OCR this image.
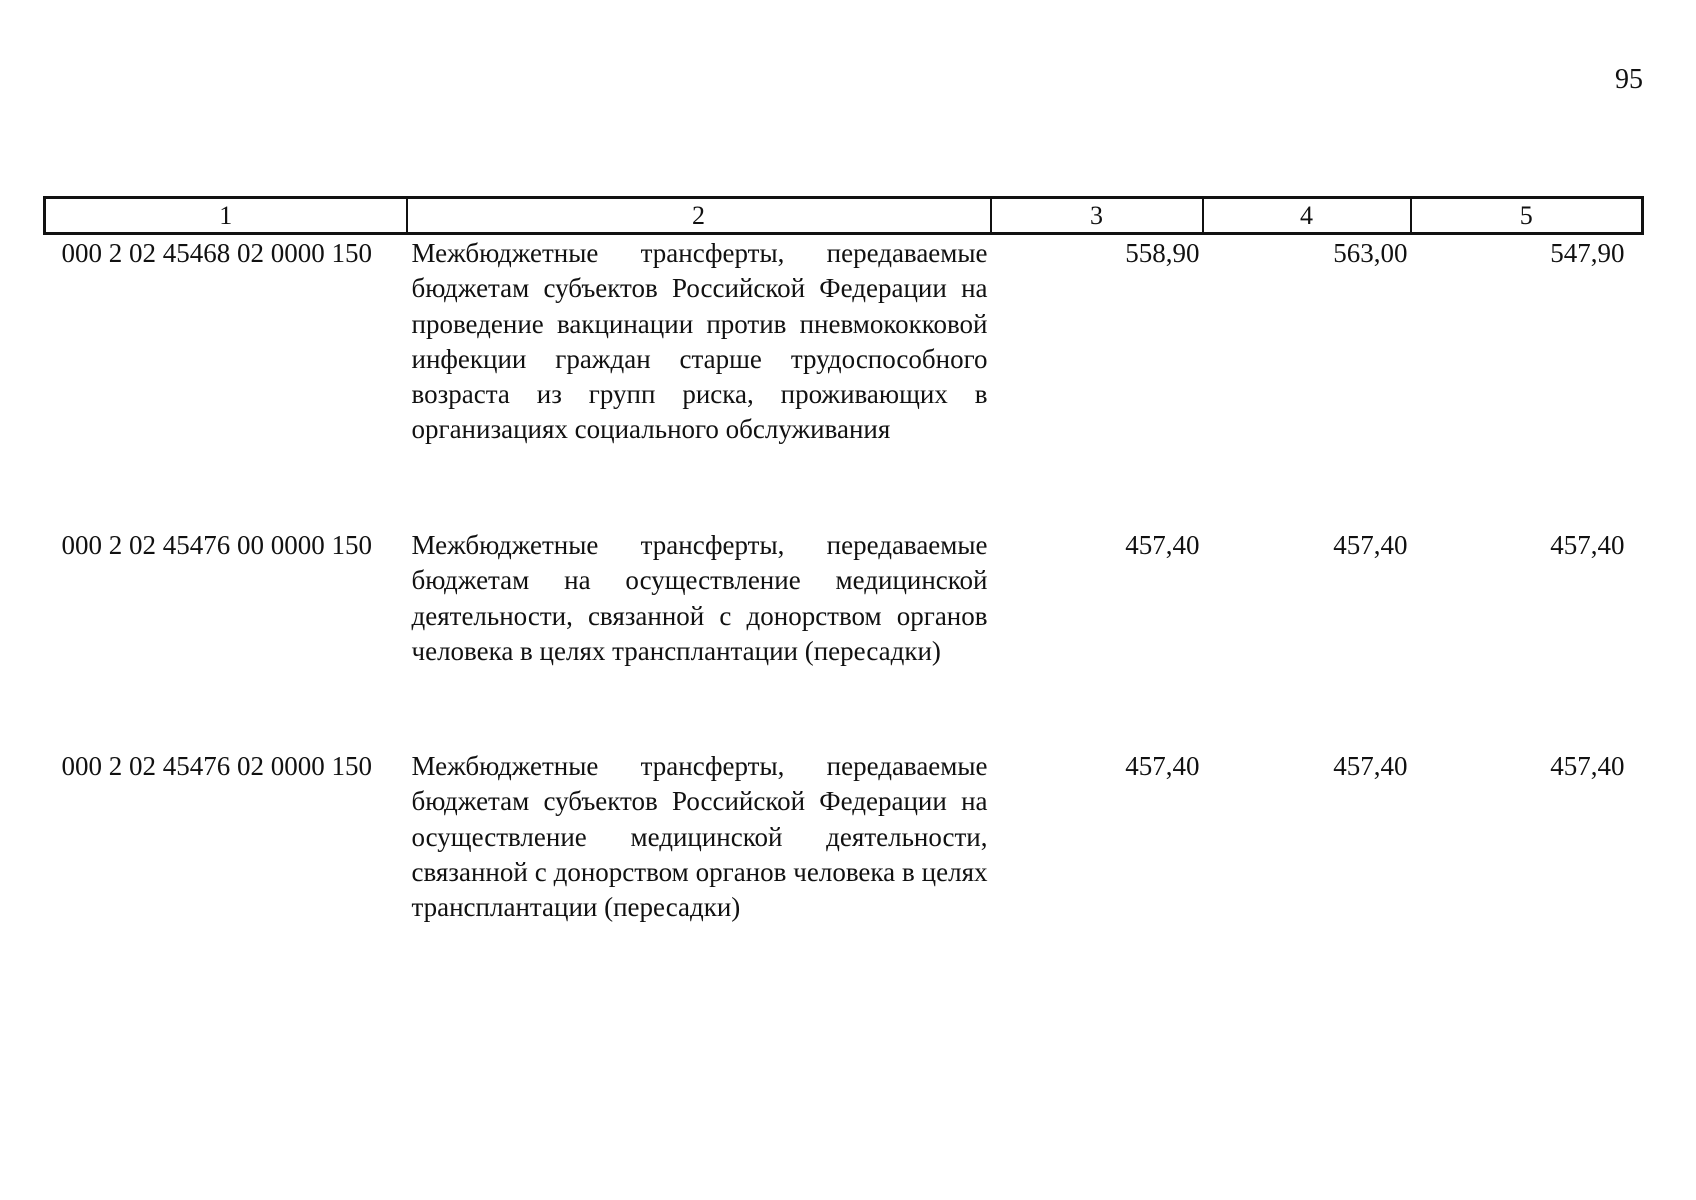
95
1	2	3	4	5
000 2 02 45468 02 0000 150	Межбюджетные трансферты, передаваемые бюджетам субъектов Российской Федерации на проведение вакцинации против пневмококковой инфекции граждан старше трудоспособного возраста из групп риска, проживающих в организациях социального обслуживания	558,90	563,00	547,90
000 2 02 45476 00 0000 150	Межбюджетные трансферты, передаваемые бюджетам на осуществление медицинской деятельности, связанной с донорством органов человека в целях трансплантации (пересадки)	457,40	457,40	457,40
000 2 02 45476 02 0000 150	Межбюджетные трансферты, передаваемые бюджетам субъектов Российской Федерации на осуществление медицинской деятельности, связанной с донорством органов человека в целях трансплантации (пересадки)	457,40	457,40	457,40
